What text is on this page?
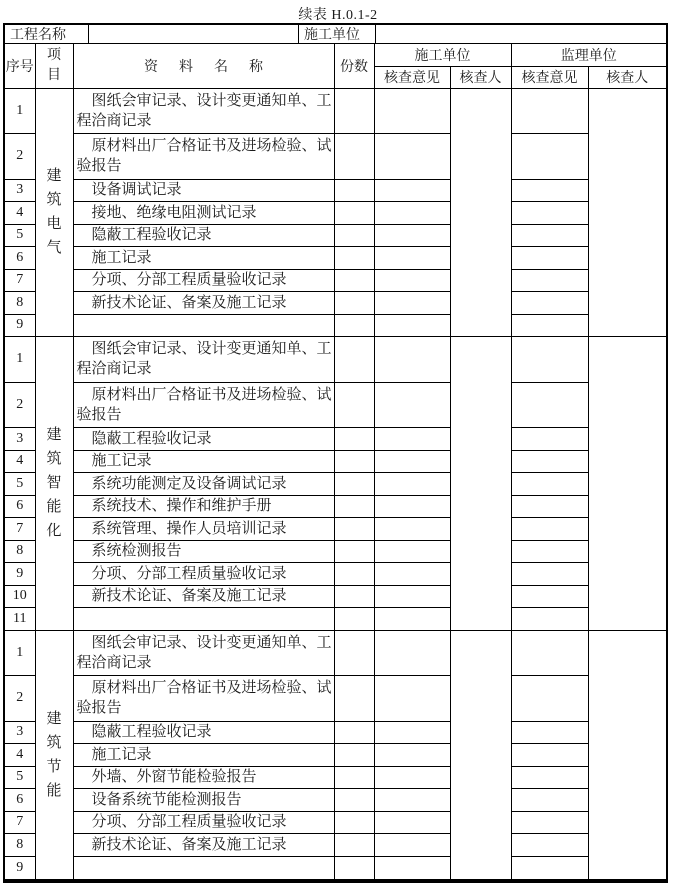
续表 H.0.1-2
工程名称	施工单位
序号	项目	资      料      名      称	份数	施工单位		监理单位	
				核查意见	核查人	核查意见	核查人
1	建筑电气	图纸会审记录、设计变更通知单、工程洽商记录					
2		原材料出厂合格证书及进场检验、试验报告					
3		设备调试记录					
4		接地、绝缘电阻测试记录					
5		隐蔽工程验收记录					
6		施工记录					
7		分项、分部工程质量验收记录					
8		新技术论证、备案及施工记录					
9							
1	建筑智能化	图纸会审记录、设计变更通知单、工程洽商记录					
2		原材料出厂合格证书及进场检验、试验报告					
3		隐蔽工程验收记录					
4		施工记录					
5		系统功能测定及设备调试记录					
6		系统技术、操作和维护手册					
7		系统管理、操作人员培训记录					
8		系统检测报告					
9		分项、分部工程质量验收记录					
10		新技术论证、备案及施工记录					
11							
1	建筑节能	图纸会审记录、设计变更通知单、工程洽商记录					
2		原材料出厂合格证书及进场检验、试验报告					
3		隐蔽工程验收记录					
4		施工记录					
5		外墙、外窗节能检验报告					
6		设备系统节能检测报告					
7		分项、分部工程质量验收记录					
8		新技术论证、备案及施工记录					
9							
